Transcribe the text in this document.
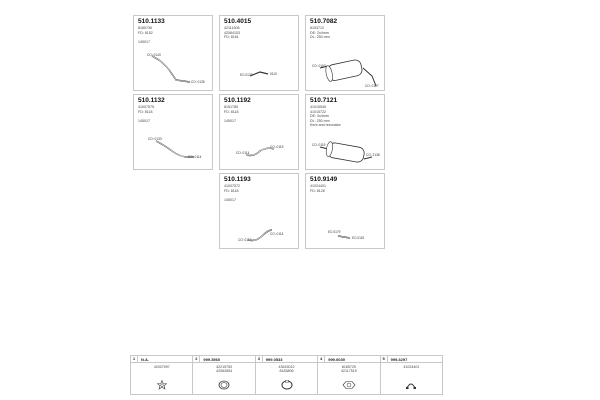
510.1133
8165736
FD: 8152

145017
CO: 0143
CO: 0135
510.4015
42111508
42084153
FD: 8161
EC:0179	0110
510.7082
8153712
DE: 2x4mm
DL: 250 mm
CO: 0163
CO: 0127
510.1132
41007575
FD: 8118

145017
CO: 0133
CO: 0114
510.1192
8151785
FD: 8118

145017
CO: 0114
CO: 0119
510.7121
41015545
41015722
DE: 3x4mm
DL: 250 mm
Kerb and resonator
CO: 0119
CO: 2138
510.1193
41007572
FD: 8118

145017
CO: 0113
CO: 0114
510.9149
41024401
FD: 8128
EC:0179
EC:0119
1	N.A.
42007597
2	999.3560
42215750
42062654
3	999.0533
43615012
8183806
4	999.0039
8165725
42117519
5	999.3297
41024401
